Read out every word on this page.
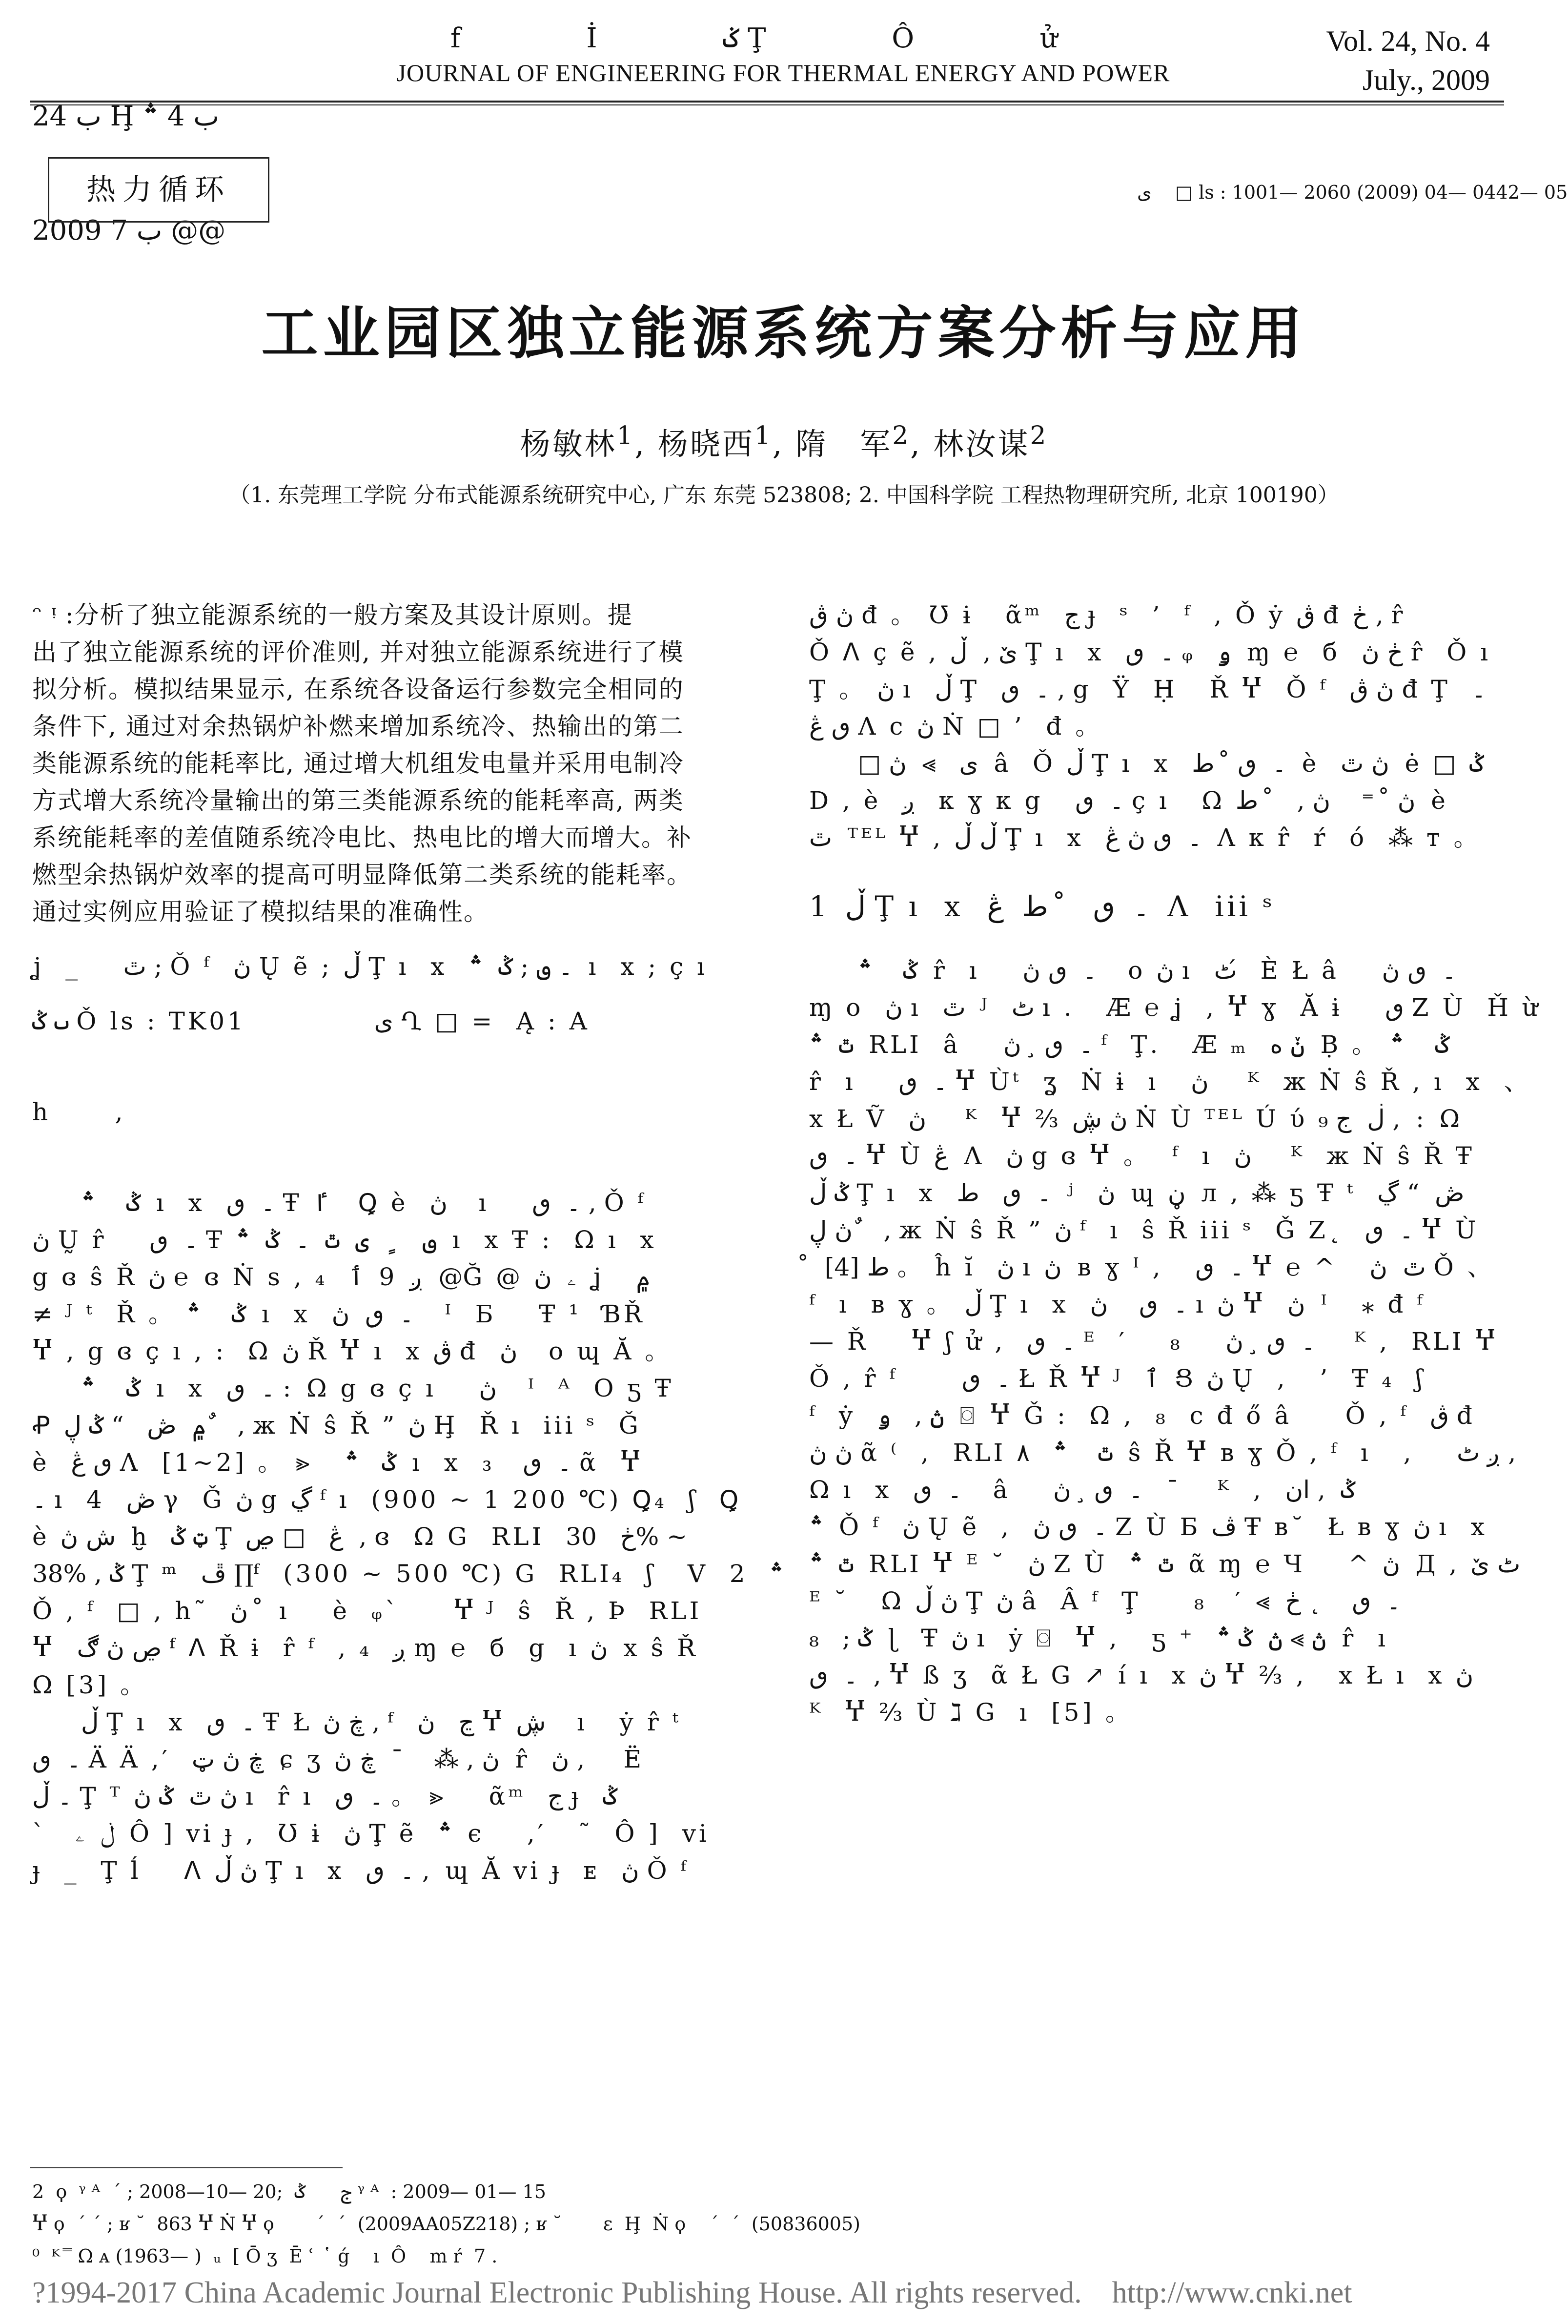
ب 24 Ḩ ب 4 ؞

2009 ب 7 @@

f İ ݢ Ţ Ô ử
JOURNAL OF ENGINEERING FOR THERMAL ENERGY AND POWER
Vol. 24, No. 4
July., 2009
热力循环	ى    □ ls : 1001— 2060 (2009) 04— 0442— 05
工业园区独立能源系统方案分析与应用
杨敏林$^1$, 杨晓西$^1$, 隋　军$^2$, 林汝谋$^2$
（1. 东莞理工学院 分布式能源系统研究中心, 广东 东莞 523808; 2. 中国科学院 工程热物理研究所, 北京 100190）

ᵔ ᵎ :分析了独立能源系统的一般方案及其设计原则。提

出了独立能源系统的评价准则, 并对独立能源系统进行了模

拟分析。模拟结果显示, 在系统各设备运行参数完全相同的

条件下, 通过对余热锅炉补燃来增加系统冷、热输出的第二

类能源系统的能耗率比, 通过增大机组发电量并采用电制冷

方式增大系统冷量输出的第三类能源系统的能耗率高, 两类

系统能耗率的差值随系统冷电比、热电比的增大而增大。补

燃型余热锅炉效率的提高可明显降低第二类系统的能耗率。

通过实例应用验证了模拟结果的准确性。

ʝ  _    ٿ ; Ǒ ᶠ  ڽ Ų ẽ ; ڵ Ţ ı  x  ۔ ٯ ; ݣ  ؞  ı  x ; ç ı

ٮ ݣ Ǒ ls : TK01            ى Ղ □ =  Ą : A

h      ,

ݣ    ؞  ı  x  ۔  ٯ Ŧ ٵ    Ꝗ è  ڽ    ı    ۔  ٯ , Ǒ ᶠ

ڽ Ṵ r̂    ۔  ٯ Ŧ ٯ    ٍ  ى  ٿ  ۔  ݣ  ؞  ı  x Ŧ :  Ω ı  x

g ɞ ŝ Ř ڽ ℮  ɞ Ṅ s , ₄  ږ  9  ٲ  @Ğ @ ۦ  ڽ  ʝ   ۾

≠ ᴶ ᵗ  Ř 。 ݣ    ؞  ı  x  ۔  ٯ  ڽ    ᴵ  Б    Ŧ ¹  ƁŘ

Ⴤ , g ɞ ç ı , :  Ω ڽ Ř Ⴤ ı  x ڨ đ  ڽ    o ɰ Ă 。

ݣ    ؞  ı  x  ۔  ٯ :  Ω g ɞ ç ı    ڽ    ᴵ  ᴬ  O ƽ Ŧ

Ꝓ ۾  ڞ   “ ݣ ڸ ٌ   , ж Ṅ ŝ Ř ” ڽ Ḩ  Ř ı  iii ˢ  Ǧ

è  ٯ ڠ Ʌ  [1~2] 。 ⪢   ݣ   ؞  ı  x  ۔  ٯ    ₃ ᾶ  Ⴤ

۔ ı  4  ڞ γ  Ǧ ڽ g ڲ ᶠ ı  (900 ~ 1 200 ℃) Ꝗ₄  ʃ  Ꝗ

è ش ڽ  ḫ  ټ ݣ Ţ ڠ   □ ڝ  , ɞ  Ω G  RLI  ڂ   30% ~

38% , ݣ Ţ ᵐ  ڦ ∏ᶠ  (300 ~ 500 ℃) G  RLI₄  ʃ   V  2  ؞

Ǒ , ᶠ  □ , h˜  ڽ   ̊ ı    è  ᵩ`     Ⴤ ᴶ  ŝ  Ř , Þ  RLI

Ⴤ  ڝ ڽ ڰ ᶠ ᐱ Ř ɨ  r̂ ᶠ  , ₄  ږ ɱ ℮  б  g  ı ڽ  x ŝ Ř

Ω [3] 。

ڵ Ţ ı  x  ۔  ٯ Ŧ Ł ڿ ڽ , ᶠ  ڃ   ڽ Ⴤ ڜ    ı   ẏ r̂ ᵗ

۔  ٯ Ä Ä ,′  ڿ ڽ ټ  ɕ ʒ ڽ , ⁂    ¯  ڿ ڽ  r̂  ڽ ,     Ë

۔ ڵ Ţ ᵀ ڽ ٿ  ݣ ڽ ı  r̂ ı  ۔  ٯ 。 ⪢    ᾶᵐ  ج ɟ  ݣ

`    ڶ  ۦ  Ô ] vi ɟ ,  Ʊ ɨ  ڽ Ţ ẽ  ؞  є    ,′   ˜  Ô ]  vi

ɟ  _  Ţ ĺ    ᐱ ڽ ڵ Ţ ı  x  ۔  ٯ ,  ɰ Ă vi ɟ  ᴇ  ڽ Ǒ ᶠ

ڽ ڨ đ 。 Ʊ ɨ   ᾶᵐ  ج ɟ  ˢ  ’  ᶠ  , Ǒ ẏ ڨ đ ڂ , r̂

Ǒ ᐱ ç ẽ , ێ ,  ڵ Ţ ı  x  ۔  ٯ ᵩ  ۅ  ɱ ℮  б  ڂ ڽ r̂  Ǒ ı

Ţ 。 ڽ ı  ڵ Ţ  ۔  ٯ , g  Ÿ  Ḥ   Ř Ⴤ  Ǒ ᶠ  ڽ ڨ đ Ţ  ۔

ٯ ڠ Ʌ ⅽ ڽ Ṅ □ ’  đ 。

□ ى   ⪢  ڽ  â  Ǒ ڵ Ţ ı  x  ۔  ٯ ̊  ط  è  ڽ ٿ  ė □ ݣ

D , è  ږ   к ɣ к g   ۔  ٯ ç ı   Ω ڽ ̊  ⁼    ڽ ,   ̊  ط  è

ٿ  ᵀᴱᴸ Ⴤ , ڵ ڵ Ţ ı  x  ۔  ٯ ڽ ڠ  Ʌ к r̂  ŕ  ó  ⁂ т 。

1  ڵ Ţ ı  x  ۔  ٯ   ̊  ط  ڠ  Ʌ  iii ˢ

ݣ    ؞  r̂  ı    ۔  ٯ ڽ    o ڽ ı  ٹ ́  È Ł â    ۔  ٯ ڽ

ɱ o  ڽ ı  ٿ  ᴶ  ٹ ı .   Æ ℮ ʝ  , Ⴤ ɣ  Ă ɨ    ٯ Ζ Ù  Ȟ ừ

ٿ  ؞  RLI  â    ۔  ٯ ̧  ڽ ᶠ  Ţ.   Æ ₘ  ݩ ه  Ḅ 。 ݣ    ؞

r̂  ı    ۔  ٯ Ⴤ Ùᵗ  ʓ  Ṅ ɨ  ı   ڽ     ᴷ  ж Ṅ ŝ Ř , ı  x  、

x Ł Ṽ  ڽ     ᴷ  Ⴤ ⅔ ڽ ڜ Ṅ Ù ᵀᴱᴸ Ú ύ ڶ  ج ₉ ,  :  Ω

۔  ٯ Ⴤ Ù ڠ  Ʌ  ڽ g ɞ Ⴤ 。  ᶠ  ı  ڽ     ᴷ  ж Ṅ ŝ Ř Ŧ

ݣ ڵ Ţ ı  x  ۔  ٯ   ط  ʲ  ڽ  ɰ ڼ  л , ⁂ ƽ Ŧ ᵗ  ڞ  “ ڲ

ڽ ڸ ٌ   , ж Ṅ ŝ Ř ” ڽ ᶠ  ı  ŝ Ř iii ˢ  Ǧ Z˛  ۔  ٯ Ⴤ Ù

̊  ط [4] 。 ĥ ĭ  ڽ ı ڽ  в ɣ ᴵ ,   ۔  ٯ Ⴤ ℮ ^   ٿ  ڽ Ǒ 、

ᶠ  ı  в ɣ 。 ڵ Ţ ı  x  ۔  ٯ    ڽ ı ڽ Ⴤ  ڽ  ᴵ   ⁎ đ ᶠ

— Ř    Ⴤ ʃ ử ,  ۔  ٯ ᴱ  ′    ₈    ۔  ٯ ̧  ڽ     ᴷ ,  RLI Ⴤ

Ǒ , r̂ ᶠ      ۔  ٯ Ł Ř Ⴤ ᴶ  ٱ  Ց ڽ Ų  ,   ’  Ŧ ₄  ʃ

ᶠ  ẏ  ڽ ,   ۅ  ⌼  Ⴤ Ǧ :  Ω ,  ₈  ⅽ đ ő â     Ǒ , ᶠ  ڨ đ

ڽ ڽ ᾶ ⁽  ,  RLI ۸   ٿ    ؞  ŝ Ř Ⴤ в ɣ Ǒ , ᶠ  ı   ,    ږ ٹ ,

Ω ı  x  ۔  ٯ    â    ۔  ٯ ̧  ڽ   ¯     ᴷ  ,  ݣ  , ان

؞  Ǒ ᶠ  ڽ Ų ẽ  ,  ۔  ٯ ڽ Ζ Ù Ƃ ڤ Ŧ в˘  Ł в ɣ ڽ ı  x

ٿ  ؞  RLI Ⴤ ᴱ ˘  ڽ Ζ Ù  ٿ  ؞  ᾶ ɱ ℮ Ч    ^ ڽ  Д , ٹ ێ

ᴱ ˘   Ω ڽ ڵ Ţ ڽ â  Â ᶠ  Ţ     ۔  ٯ    ˛ ڂ  ⪢  ′    ₈

ݣ ;   ₈  ɭ  Ŧ ڽ ı  ẏ ⌼  Ⴤ ,   ƽ ⁺  ڽ ⪢ ڽ  ݣ ؞  r̂  ı

۔  ٯ  , Ⴤ ß ʒ  ᾶ Ł G ↗ í ı  x ڽ Ⴤ ⅔ ,   x Ł ı  x ڽ

ᴷ  Ⴤ ⅔ Ù ℷ G  ı  [5] 。

2  ϙ  ᵞ ᴬ  ˊ ; 2008—10— 20;  ج      ݣ ᵞ ᴬ  : 2009— 01— 15
Ⴤ ϙ  ˊ ˊ ; ʁ ˘  863 Ⴤ Ṅ Ⴤ ϙ       ˊ  ˊ  (2009AA05Z218) ; ʁ ˘       ε  Ḩ  Ṅ ϙ    ˊ  ˊ  (50836005)
⁰  ᴷ  ̿ Ω ᴀ (1963— )  ᵤ  [ Ō ʒ  Ē ʿ   ̔ ǵ    ı  Ô    m ŕ  7 .
?1994-2017 China Academic Journal Electronic Publishing House. All rights reserved.    http://www.cnki.net
